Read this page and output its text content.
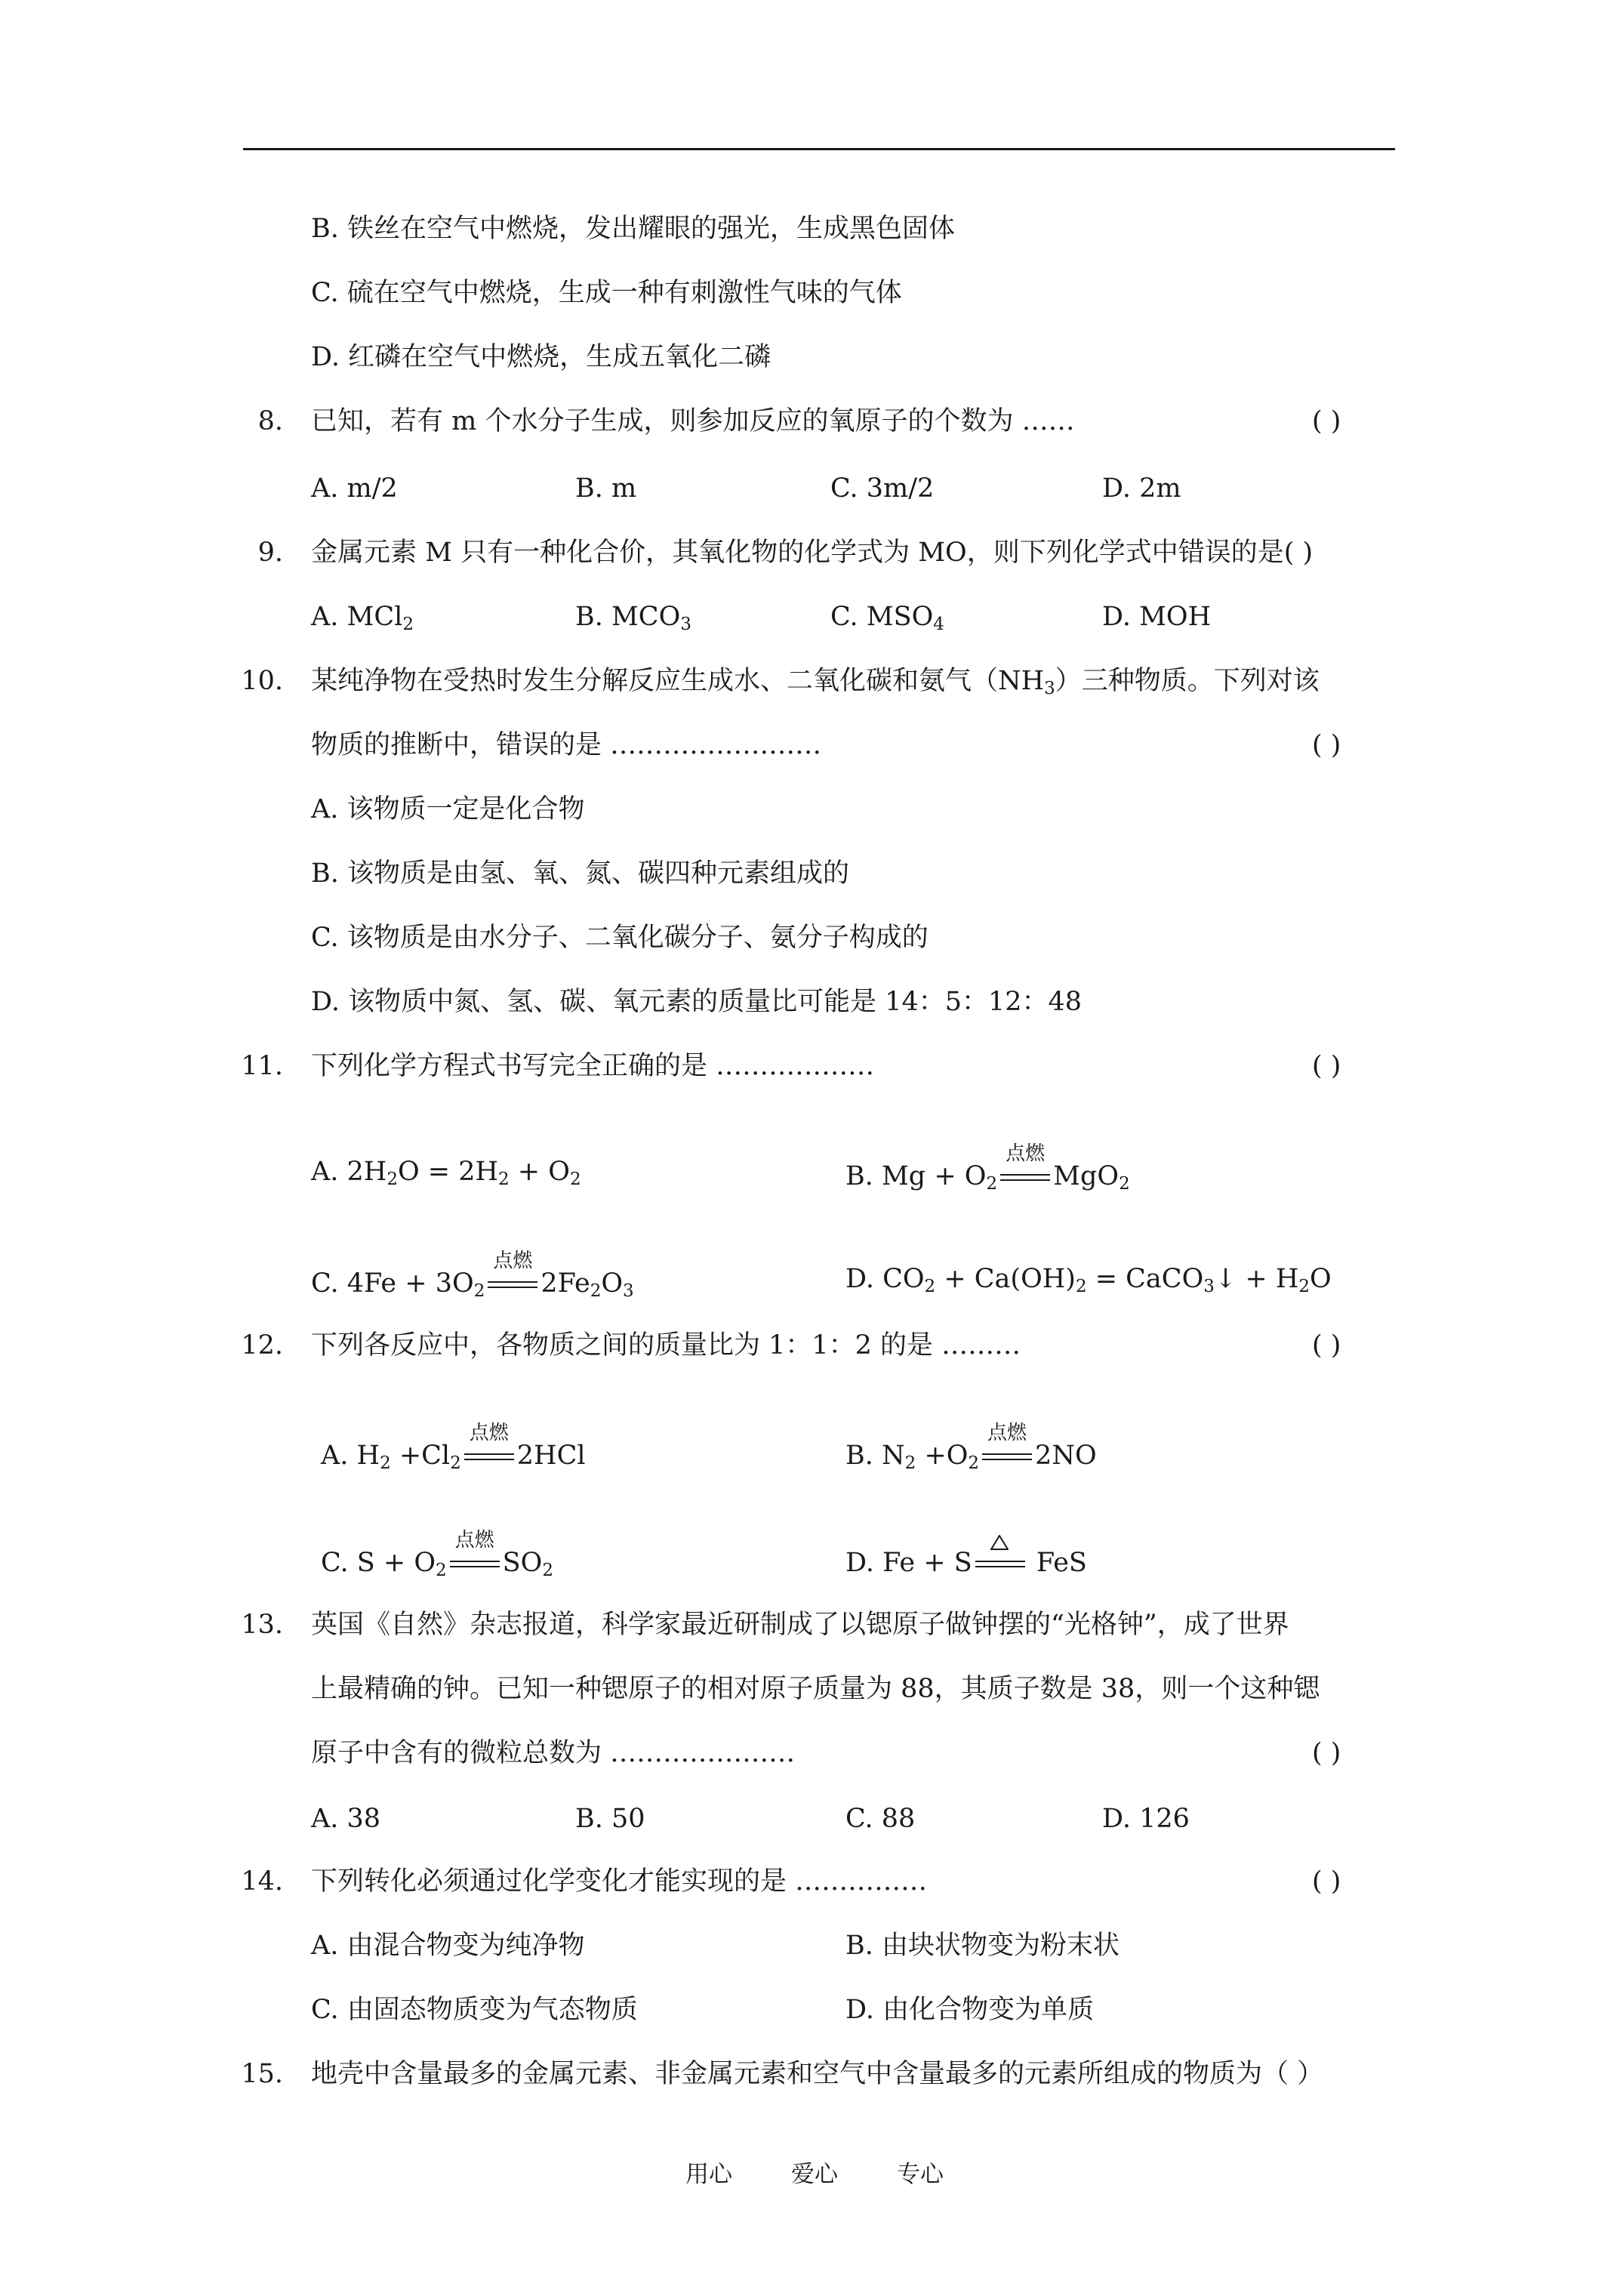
B. 铁丝在空气中燃烧，发出耀眼的强光，生成黑色固体
C. 硫在空气中燃烧，生成一种有刺激性气味的气体
D. 红磷在空气中燃烧，生成五氧化二磷
8. 已知，若有 m 个水分子生成，则参加反应的氧原子的个数为 ……	( )
A. m/2	B. m	C. 3m/2	D. 2m
9. 金属元素 M 只有一种化合价，其氧化物的化学式为 MO，则下列化学式中错误的是( )
A. MCl$_2$	B. $MCO_3$	C. $MSO_4$	D. MOH
10. 某纯净物在受热时发生分解反应生成水、二氧化碳和氨气$(NH_3)$三种物质。下列对该
物质的推断中，错误的是 ……………………	( )
A. 该物质一定是化合物
B. 该物质是由氢、氧、氮、碳四种元素组成的
C. 该物质是由水分子、二氧化碳分子、氨分子构成的
D. 该物质中氮、氢、碳、氧元素的质量比可能是 14：5：12：48
11. 下列化学方程式书写完全正确的是 ………………	( )
A. $2H_2O = 2H_2 + O_2$	B. $Mg + O_2$
点燃
MgO$_2$
C. $4Fe + 3O_2$
点燃
$2Fe_2O_3$	D. $CO_2 + Ca(OH)_2$ = CaCO$_3$↓ + $H_2O$
12. 下列各反应中，各物质之间的质量比为 1：1：2 的是 ………	( )
A. $H_2 +Cl_2$
点燃
2HCl	B. $N_2 +O_2$
点燃
2NO
C. $S + O_2$
点燃
$SO_2$	D. Fe + S
FeS
13. 英国《自然》杂志报道，科学家最近研制成了以锶原子做钟摆的“光格钟”，成了世界
上最精确的钟。已知一种锶原子的相对原子质量为 88，其质子数是 38，则一个这种锶
原子中含有的微粒总数为 …………………	( )
A. 38	B. 50	C. 88	D. 126
14. 下列转化必须通过化学变化才能实现的是 ……………	( )
A. 由混合物变为纯净物	B. 由块状物变为粉末状
C. 由固态物质变为气态物质	D. 由化合物变为单质
15. 地壳中含量最多的金属元素、非金属元素和空气中含量最多的元素所组成的物质为（ ）
用心	爱心	专心
